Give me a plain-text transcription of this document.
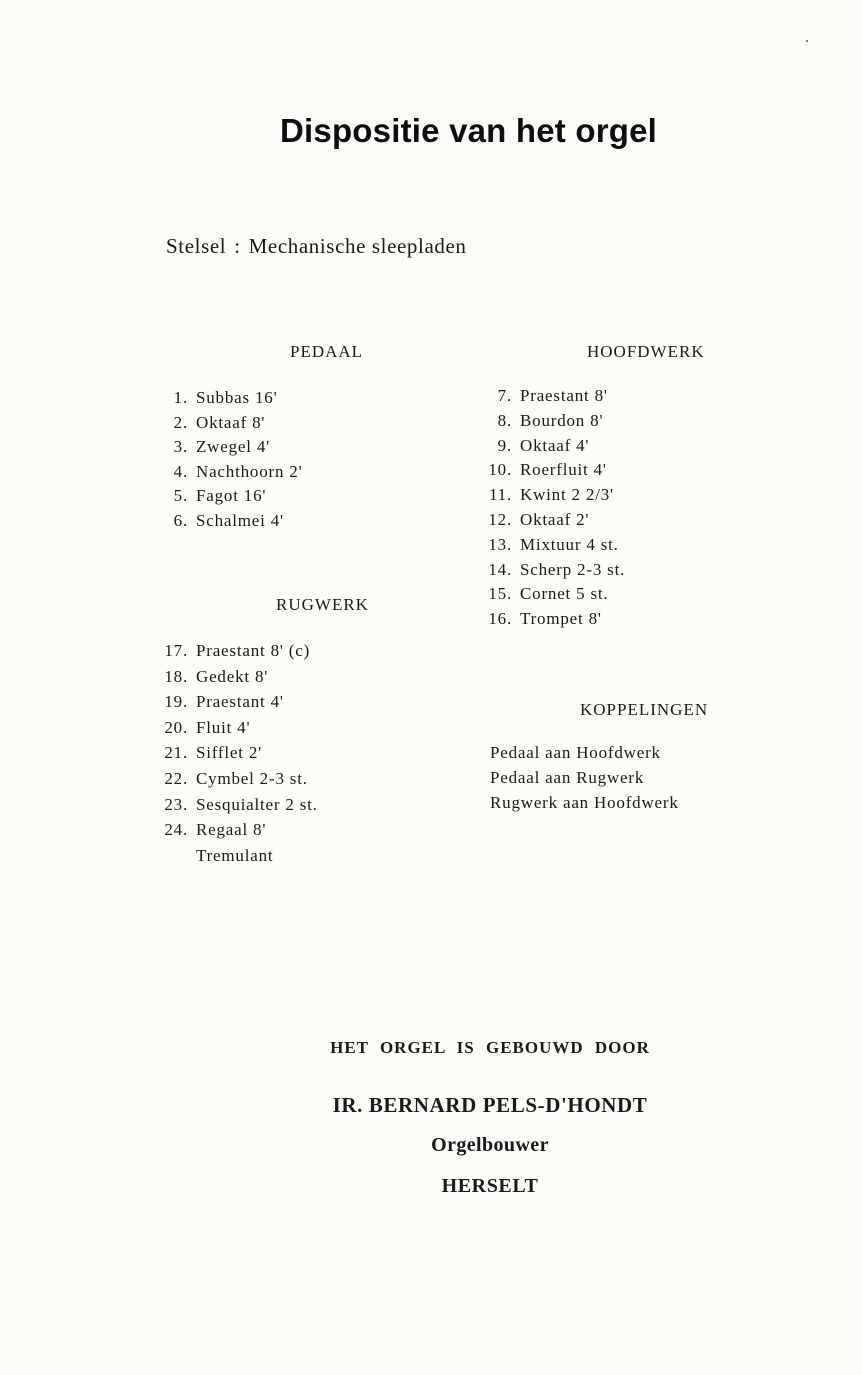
Dispositie van het orgel
Stelsel : Mechanische sleepladen
PEDAAL
1. Subbas 16'
2. Oktaaf 8'
3. Zwegel 4'
4. Nachthoorn 2'
5. Fagot 16'
6. Schalmei 4'
HOOFDWERK
7. Praestant 8'
8. Bourdon 8'
9. Oktaaf 4'
10. Roerfluit 4'
11. Kwint 2 2/3'
12. Oktaaf 2'
13. Mixtuur 4 st.
14. Scherp 2-3 st.
15. Cornet 5 st.
16. Trompet 8'
RUGWERK
17. Praestant 8' (c)
18. Gedekt 8'
19. Praestant 4'
20. Fluit 4'
21. Sifflet 2'
22. Cymbel 2-3 st.
23. Sesquialter 2 st.
24. Regaal 8'
Tremulant
KOPPELINGEN
Pedaal aan Hoofdwerk
Pedaal aan Rugwerk
Rugwerk aan Hoofdwerk
HET ORGEL IS GEBOUWD DOOR
IR. BERNARD PELS-D'HONDT
Orgelbouwer
HERSELT
